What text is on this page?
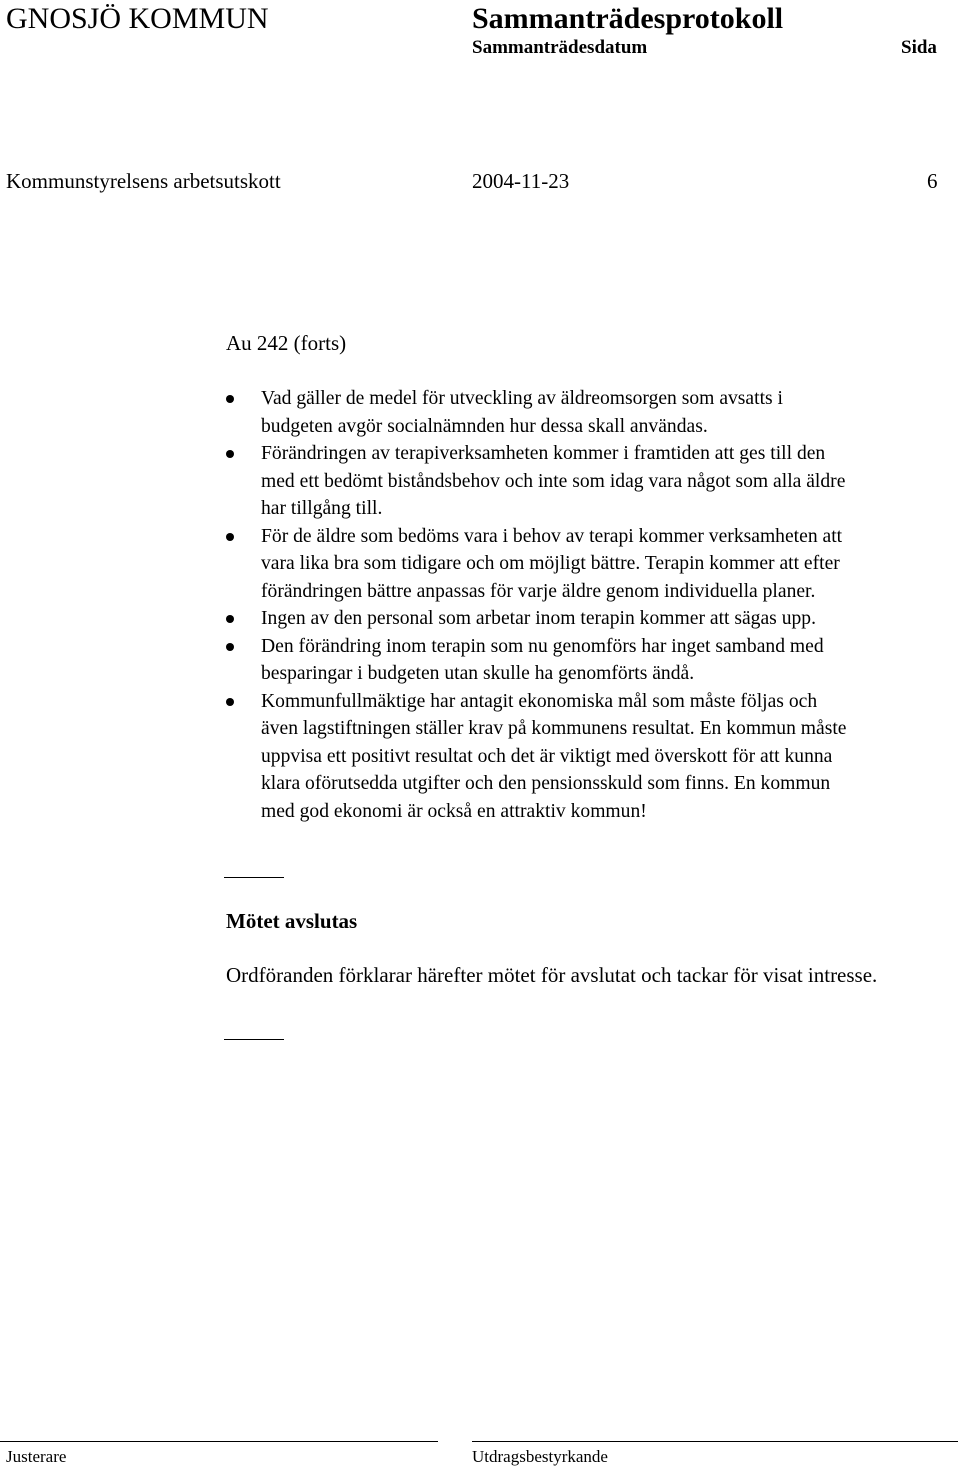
GNOSJÖ KOMMUN	Sammanträdesprotokoll
Sammanträdesdatum	Sida
Kommunstyrelsens arbetsutskott	2004-11-23	6
Au 242 (forts)
Vad gäller de medel för utveckling av äldreomsorgen som avsatts i
budgeten avgör socialnämnden hur dessa skall användas.
Förändringen av terapiverksamheten kommer i framtiden att ges till den
med ett bedömt biståndsbehov och inte som idag vara något som alla äldre
har tillgång till.
För de äldre som bedöms vara i behov av terapi kommer verksamheten att
vara lika bra som tidigare och om möjligt bättre. Terapin kommer att efter
förändringen bättre anpassas för varje äldre genom individuella planer.
Ingen av den personal som arbetar inom terapin kommer att sägas upp.
Den förändring inom terapin som nu genomförs har inget samband med
besparingar i budgeten utan skulle ha genomförts ändå.
Kommunfullmäktige har antagit ekonomiska mål som måste följas och
även lagstiftningen ställer krav på kommunens resultat. En kommun måste
uppvisa ett positivt resultat och det är viktigt med överskott för att kunna
klara oförutsedda utgifter och den pensionsskuld som finns. En kommun
med god ekonomi är också en attraktiv kommun!
Mötet avslutas
Ordföranden förklarar härefter mötet för avslutat och tackar för visat intresse.
Justerare	Utdragsbestyrkande
